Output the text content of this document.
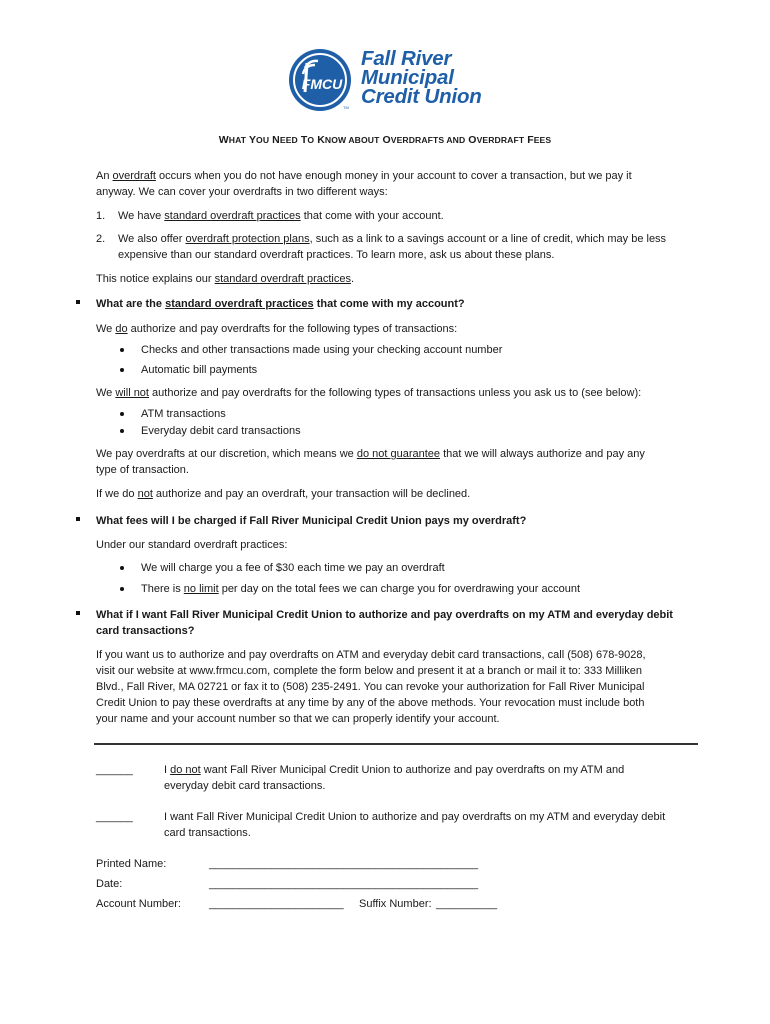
FMCU
TM
Fall River
Municipal
Credit Union
WHAT YOU NEED TO KNOW ABOUT OVERDRAFTS AND OVERDRAFT FEES
An overdraft occurs when you do not have enough money in your account to cover a transaction, but we pay it
anyway. We can cover your overdrafts in two different ways:
1. We have standard overdraft practices that come with your account.
2. We also offer overdraft protection plans, such as a link to a savings account or a line of credit, which may be less
expensive than our standard overdraft practices. To learn more, ask us about these plans.
This notice explains our standard overdraft practices.
What are the standard overdraft practices that come with my account?
We do authorize and pay overdrafts for the following types of transactions:
Checks and other transactions made using your checking account number
Automatic bill payments
We will not authorize and pay overdrafts for the following types of transactions unless you ask us to (see below):
ATM transactions
Everyday debit card transactions
We pay overdrafts at our discretion, which means we do not guarantee that we will always authorize and pay any
type of transaction.
If we do not authorize and pay an overdraft, your transaction will be declined.
What fees will I be charged if Fall River Municipal Credit Union pays my overdraft?
Under our standard overdraft practices:
We will charge you a fee of $30 each time we pay an overdraft
There is no limit per day on the total fees we can charge you for overdrawing your account
What if I want Fall River Municipal Credit Union to authorize and pay overdrafts on my ATM and everyday debit
card transactions?
If you want us to authorize and pay overdrafts on ATM and everyday debit card transactions, call (508) 678-9028,
visit our website at www.frmcu.com, complete the form below and present it at a branch or mail it to: 333 Milliken
Blvd., Fall River, MA 02721 or fax it to (508) 235-2491. You can revoke your authorization for Fall River Municipal
Credit Union to pay these overdrafts at any time by any of the above methods. Your revocation must include both
your name and your account number so that we can properly identify your account.
______	I do not want Fall River Municipal Credit Union to authorize and pay overdrafts on my ATM and
everyday debit card transactions.
______	I want Fall River Municipal Credit Union to authorize and pay overdrafts on my ATM and everyday debit
card transactions.
Printed Name:	____________________________________________
Date:	____________________________________________
Account Number:	______________________ Suffix Number: __________
